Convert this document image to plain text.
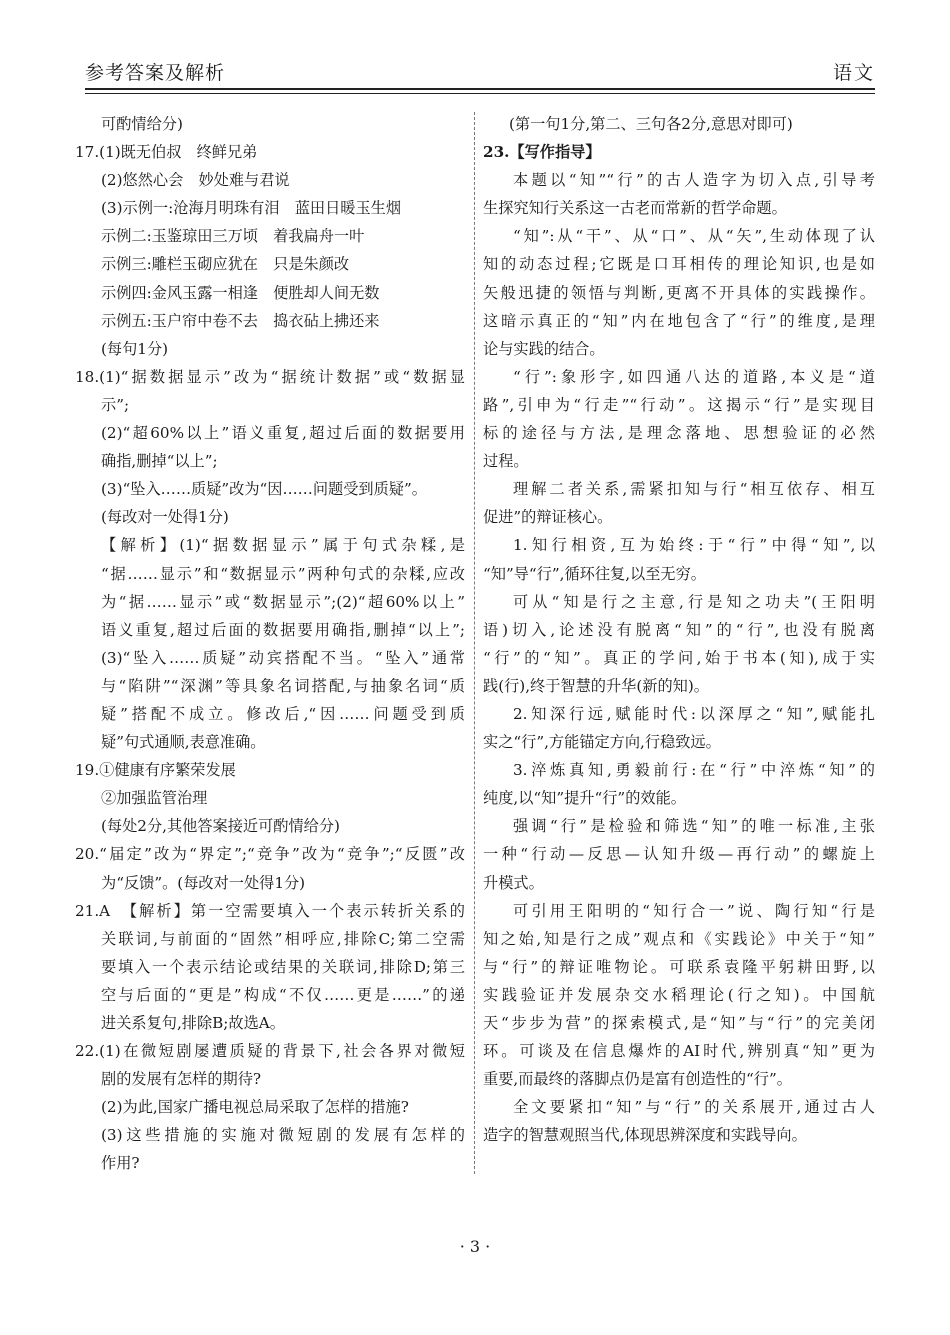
参考答案及解析	语文
可酌情给分)
17.(1)既无伯叔　终鲜兄弟
(2)悠然心会　妙处难与君说
(3)示例一:沧海月明珠有泪　蓝田日暖玉生烟
示例二:玉鉴琼田三万顷　着我扁舟一叶
示例三:雕栏玉砌应犹在　只是朱颜改
示例四:金风玉露一相逢　便胜却人间无数
示例五:玉户帘中卷不去　捣衣砧上拂还来
(每句1分)
18.(1)“据数据显示”改为“据统计数据”或“数据显
示”;
(2)“超60%以上”语义重复,超过后面的数据要用
确指,删掉“以上”;
(3)“坠入……质疑”改为“因……问题受到质疑”。
(每改对一处得1分)
【解析】(1)“据数据显示”属于句式杂糅,是
“据……显示”和“数据显示”两种句式的杂糅,应改
为“据……显示”或“数据显示”;(2)“超60%以上”
语义重复,超过后面的数据要用确指,删掉“以上”;
(3)“坠入……质疑”动宾搭配不当。“坠入”通常
与“陷阱”“深渊”等具象名词搭配,与抽象名词“质
疑”搭配不成立。修改后,“因……问题受到质
疑”句式通顺,表意准确。
19.①健康有序繁荣发展
②加强监管治理
(每处2分,其他答案接近可酌情给分)
20.“届定”改为“界定”;“竞争”改为“竞争”;“反匮”改
为“反馈”。(每改对一处得1分)
21.A　【解析】第一空需要填入一个表示转折关系的
关联词,与前面的“固然”相呼应,排除C;第二空需
要填入一个表示结论或结果的关联词,排除D;第三
空与后面的“更是”构成“不仅……更是……”的递
进关系复句,排除B;故选A。
22.(1)在微短剧屡遭质疑的背景下,社会各界对微短
剧的发展有怎样的期待?
(2)为此,国家广播电视总局采取了怎样的措施?
(3)这些措施的实施对微短剧的发展有怎样的
作用?
(第一句1分,第二、三句各2分,意思对即可)
23.【写作指导】
本题以“知”“行”的古人造字为切入点,引导考
生探究知行关系这一古老而常新的哲学命题。
“知”:从“干”、从“口”、从“矢”,生动体现了认
知的动态过程;它既是口耳相传的理论知识,也是如
矢般迅捷的领悟与判断,更离不开具体的实践操作。
这暗示真正的“知”内在地包含了“行”的维度,是理
论与实践的结合。
“行”:象形字,如四通八达的道路,本义是“道
路”,引申为“行走”“行动”。这揭示“行”是实现目
标的途径与方法,是理念落地、思想验证的必然
过程。
理解二者关系,需紧扣知与行“相互依存、相互
促进”的辩证核心。
1.知行相资,互为始终:于“行”中得“知”,以
“知”导“行”,循环往复,以至无穷。
可从“知是行之主意,行是知之功夫”(王阳明
语)切入,论述没有脱离“知”的“行”,也没有脱离
“行”的“知”。真正的学问,始于书本(知),成于实
践(行),终于智慧的升华(新的知)。
2.知深行远,赋能时代:以深厚之“知”,赋能扎
实之“行”,方能锚定方向,行稳致远。
3.淬炼真知,勇毅前行:在“行”中淬炼“知”的
纯度,以“知”提升“行”的效能。
强调“行”是检验和筛选“知”的唯一标准,主张
一种“行动—反思—认知升级—再行动”的螺旋上
升模式。
可引用王阳明的“知行合一”说、陶行知“行是
知之始,知是行之成”观点和《实践论》中关于“知”
与“行”的辩证唯物论。可联系袁隆平躬耕田野,以
实践验证并发展杂交水稻理论(行之知)。中国航
天“步步为营”的探索模式,是“知”与“行”的完美闭
环。可谈及在信息爆炸的AI时代,辨别真“知”更为
重要,而最终的落脚点仍是富有创造性的“行”。
全文要紧扣“知”与“行”的关系展开,通过古人
造字的智慧观照当代,体现思辨深度和实践导向。
· 3 ·
